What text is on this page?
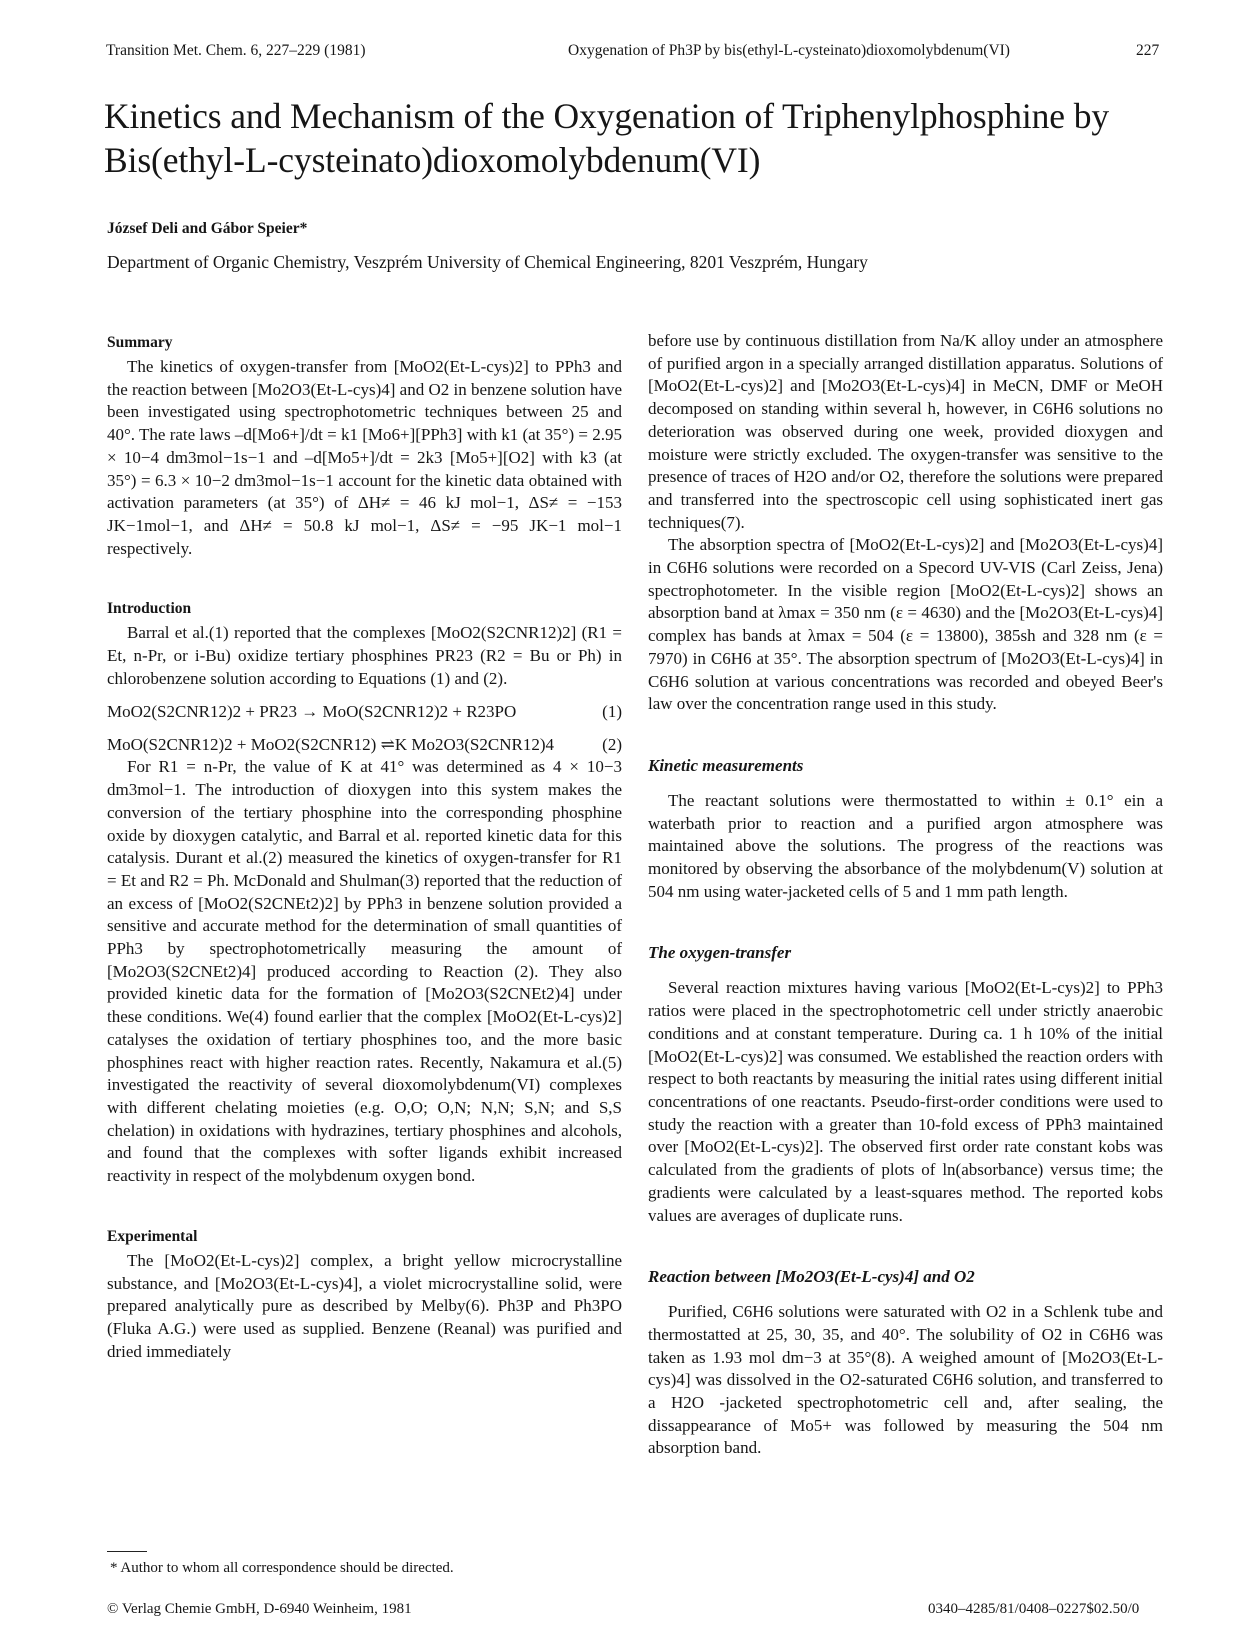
Transition Met. Chem. 6, 227–229 (1981)	Oxygenation of Ph3P by bis(ethyl-L-cysteinato)dioxomolybdenum(VI)	227
Kinetics and Mechanism of the Oxygenation of Triphenylphosphine by Bis(ethyl-L-cysteinato)dioxomolybdenum(VI)
József Deli and Gábor Speier*
Department of Organic Chemistry, Veszprém University of Chemical Engineering, 8201 Veszprém, Hungary
Summary

The kinetics of oxygen-transfer from [MoO2(Et-L-cys)2] to PPh3 and the reaction between [Mo2O3(Et-L-cys)4] and O2 in benzene solution have been investigated using spectrophotometric techniques between 25 and 40°. The rate laws –d[Mo6+]/dt = k1 [Mo6+][PPh3] with k1 (at 35°) = 2.95 × 10−4 dm3mol−1s−1 and –d[Mo5+]/dt = 2k3 [Mo5+][O2] with k3 (at 35°) = 6.3 × 10−2 dm3mol−1s−1 account for the kinetic data obtained with activation parameters (at 35°) of ΔH≠ = 46 kJ mol−1, ΔS≠ = −153 JK−1mol−1, and ΔH≠ = 50.8 kJ mol−1, ΔS≠ = −95 JK−1 mol−1 respectively.

Introduction

Barral et al.(1) reported that the complexes [MoO2(S2CNR12)2] (R1 = Et, n-Pr, or i-Bu) oxidize tertiary phosphines PR23 (R2 = Bu or Ph) in chlorobenzene solution according to Equations (1) and (2).

MoO2(S2CNR12)2 + PR23 → MoO(S2CNR12)2 + R23PO	(1)
MoO(S2CNR12)2 + MoO2(S2CNR12) ⇌K Mo2O3(S2CNR12)4	(2)

For R1 = n-Pr, the value of K at 41° was determined as 4 × 10−3 dm3mol−1. The introduction of dioxygen into this system makes the conversion of the tertiary phosphine into the corresponding phosphine oxide by dioxygen catalytic, and Barral et al. reported kinetic data for this catalysis. Durant et al.(2) measured the kinetics of oxygen-transfer for R1 = Et and R2 = Ph. McDonald and Shulman(3) reported that the reduction of an excess of [MoO2(S2CNEt2)2] by PPh3 in benzene solution provided a sensitive and accurate method for the determination of small quantities of PPh3 by spectrophotometrically measuring the amount of [Mo2O3(S2CNEt2)4] produced according to Reaction (2). They also provided kinetic data for the formation of [Mo2O3(S2CNEt2)4] under these conditions. We(4) found earlier that the complex [MoO2(Et-L-cys)2] catalyses the oxidation of tertiary phosphines too, and the more basic phosphines react with higher reaction rates. Recently, Nakamura et al.(5) investigated the reactivity of several dioxomolybdenum(VI) complexes with different chelating moieties (e.g. O,O; O,N; N,N; S,N; and S,S chelation) in oxidations with hydrazines, tertiary phosphines and alcohols, and found that the complexes with softer ligands exhibit increased reactivity in respect of the molybdenum oxygen bond.

Experimental

The [MoO2(Et-L-cys)2] complex, a bright yellow microcrystalline substance, and [Mo2O3(Et-L-cys)4], a violet microcrystalline solid, were prepared analytically pure as described by Melby(6). Ph3P and Ph3PO (Fluka A.G.) were used as supplied. Benzene (Reanal) was purified and dried immediately

before use by continuous distillation from Na/K alloy under an atmosphere of purified argon in a specially arranged distillation apparatus. Solutions of [MoO2(Et-L-cys)2] and [Mo2O3(Et-L-cys)4] in MeCN, DMF or MeOH decomposed on standing within several h, however, in C6H6 solutions no deterioration was observed during one week, provided dioxygen and moisture were strictly excluded. The oxygen-transfer was sensitive to the presence of traces of H2O and/or O2, therefore the solutions were prepared and transferred into the spectroscopic cell using sophisticated inert gas techniques(7).

The absorption spectra of [MoO2(Et-L-cys)2] and [Mo2O3(Et-L-cys)4] in C6H6 solutions were recorded on a Specord UV-VIS (Carl Zeiss, Jena) spectrophotometer. In the visible region [MoO2(Et-L-cys)2] shows an absorption band at λmax = 350 nm (ε = 4630) and the [Mo2O3(Et-L-cys)4] complex has bands at λmax = 504 (ε = 13800), 385sh and 328 nm (ε = 7970) in C6H6 at 35°. The absorption spectrum of [Mo2O3(Et-L-cys)4] in C6H6 solution at various concentrations was recorded and obeyed Beer's law over the concentration range used in this study.

Kinetic measurements

The reactant solutions were thermostatted to within ± 0.1° ein a waterbath prior to reaction and a purified argon atmosphere was maintained above the solutions. The progress of the reactions was monitored by observing the absorbance of the molybdenum(V) solution at 504 nm using water-jacketed cells of 5 and 1 mm path length.

The oxygen-transfer

Several reaction mixtures having various [MoO2(Et-L-cys)2] to PPh3 ratios were placed in the spectrophotometric cell under strictly anaerobic conditions and at constant temperature. During ca. 1 h 10% of the initial [MoO2(Et-L-cys)2] was consumed. We established the reaction orders with respect to both reactants by measuring the initial rates using different initial concentrations of one reactants. Pseudo-first-order conditions were used to study the reaction with a greater than 10-fold excess of PPh3 maintained over [MoO2(Et-L-cys)2]. The observed first order rate constant kobs was calculated from the gradients of plots of ln(absorbance) versus time; the gradients were calculated by a least-squares method. The reported kobs values are averages of duplicate runs.

Reaction between [Mo2O3(Et-L-cys)4] and O2

Purified, C6H6 solutions were saturated with O2 in a Schlenk tube and thermostatted at 25, 30, 35, and 40°. The solubility of O2 in C6H6 was taken as 1.93 mol dm−3 at 35°(8). A weighed amount of [Mo2O3(Et-L-cys)4] was dissolved in the O2-saturated C6H6 solution, and transferred to a H2O -jacketed spectrophotometric cell and, after sealing, the dissappearance of Mo5+ was followed by measuring the 504 nm absorption band.

* Author to whom all correspondence should be directed.
© Verlag Chemie GmbH, D-6940 Weinheim, 1981	0340–4285/81/0408–0227$02.50/0
